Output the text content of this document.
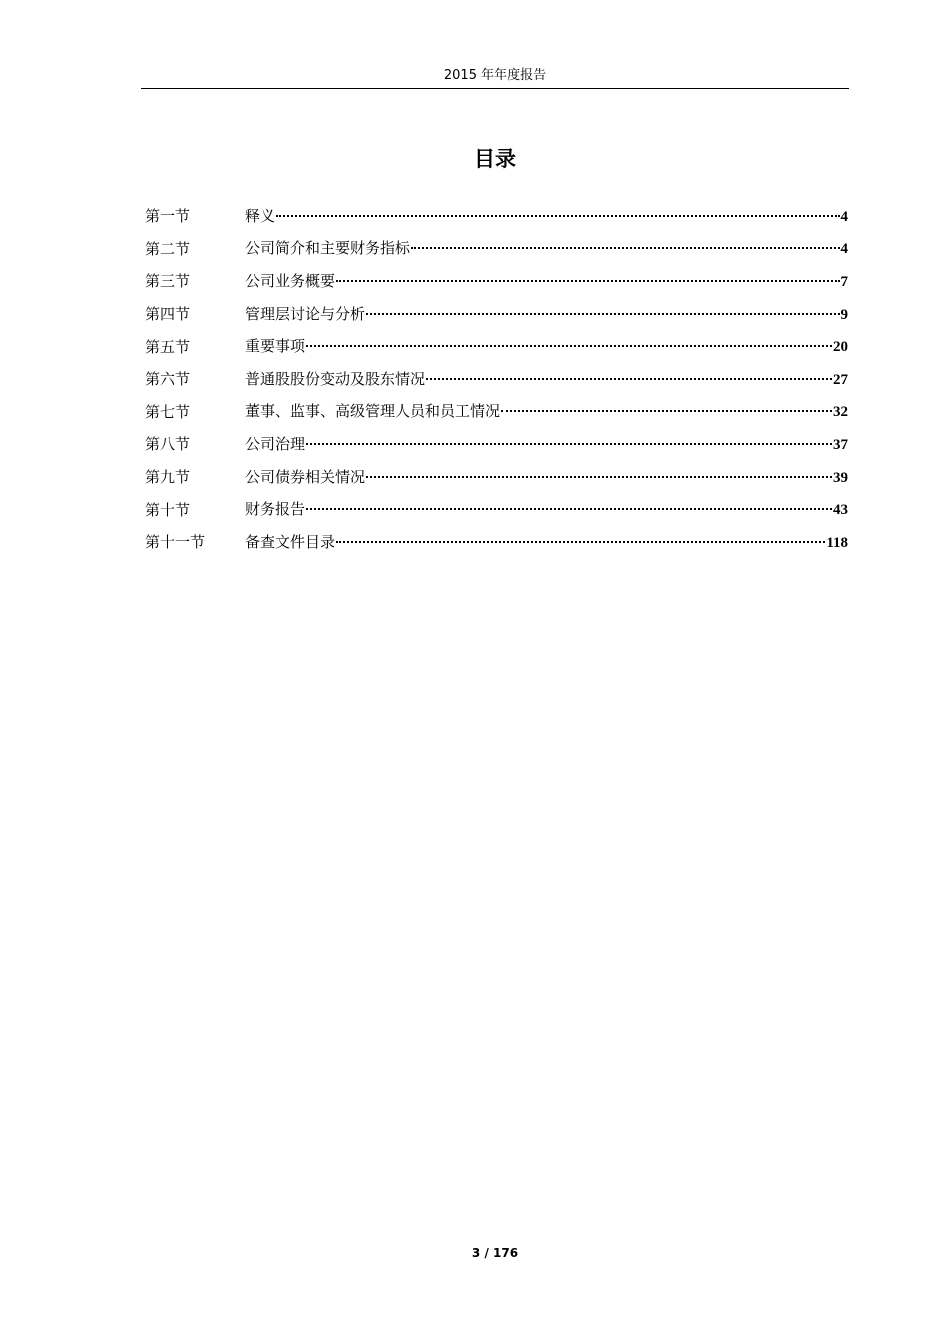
2015 年年度报告
目录
第一节	释义	4
第二节	公司简介和主要财务指标	4
第三节	公司业务概要	7
第四节	管理层讨论与分析	9
第五节	重要事项	20
第六节	普通股股份变动及股东情况	27
第七节	董事、监事、高级管理人员和员工情况	32
第八节	公司治理	37
第九节	公司债券相关情况	39
第十节	财务报告	43
第十一节	备查文件目录	118
3 / 176
